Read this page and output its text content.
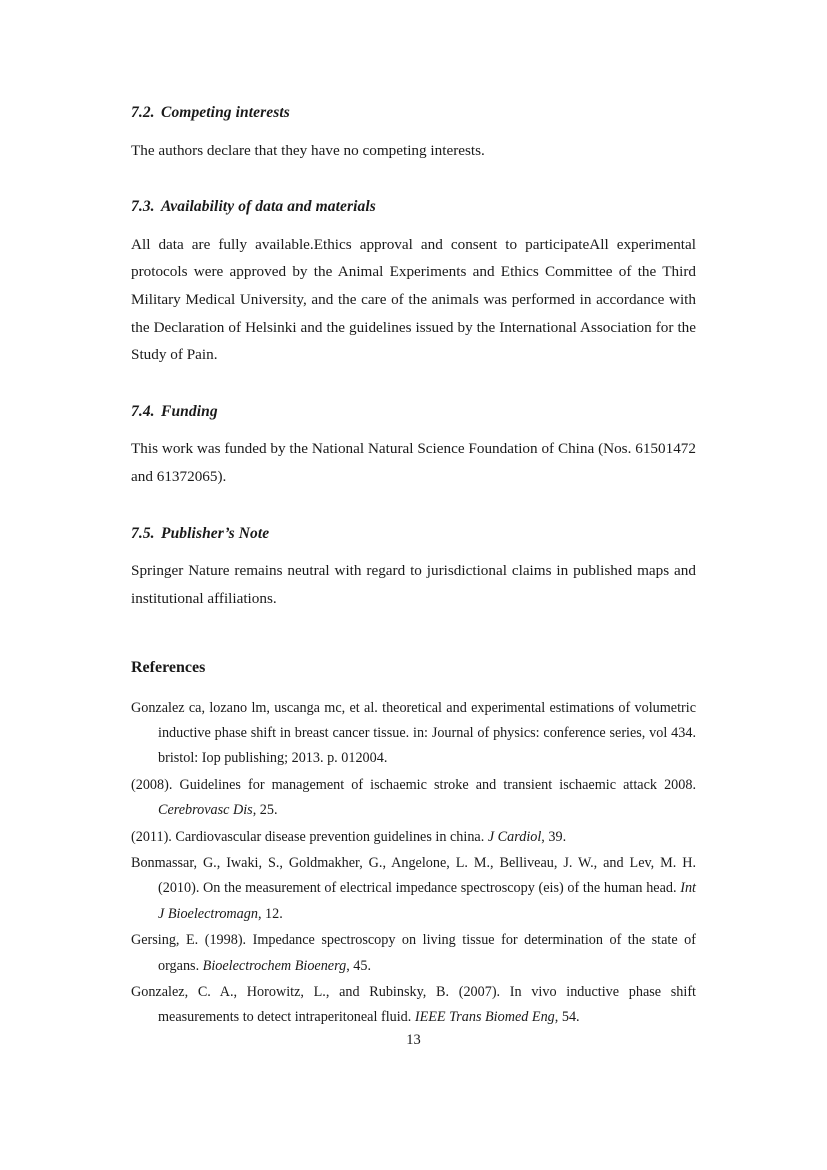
7.2. Competing interests

The authors declare that they have no competing interests.

7.3. Availability of data and materials

All data are fully available.Ethics approval and consent to participateAll experimental protocols were approved by the Animal Experiments and Ethics Committee of the Third Military Medical University, and the care of the animals was performed in accordance with the Declaration of Helsinki and the guidelines issued by the International Association for the Study of Pain.

7.4. Funding

This work was funded by the National Natural Science Foundation of China (Nos. 61501472 and 61372065).

7.5. Publisher’s Note

Springer Nature remains neutral with regard to jurisdictional claims in published maps and institutional affiliations.

References

Gonzalez ca, lozano lm, uscanga mc, et al. theoretical and experimental estimations of volumetric inductive phase shift in breast cancer tissue. in: Journal of physics: conference series, vol 434. bristol: Iop publishing; 2013. p. 012004.
(2008). Guidelines for management of ischaemic stroke and transient ischaemic attack 2008. Cerebrovasc Dis, 25.
(2011). Cardiovascular disease prevention guidelines in china. J Cardiol, 39.
Bonmassar, G., Iwaki, S., Goldmakher, G., Angelone, L. M., Belliveau, J. W., and Lev, M. H. (2010). On the measurement of electrical impedance spectroscopy (eis) of the human head. Int J Bioelectromagn, 12.
Gersing, E. (1998). Impedance spectroscopy on living tissue for determination of the state of organs. Bioelectrochem Bioenerg, 45.
Gonzalez, C. A., Horowitz, L., and Rubinsky, B. (2007). In vivo inductive phase shift measurements to detect intraperitoneal fluid. IEEE Trans Biomed Eng, 54.
13
